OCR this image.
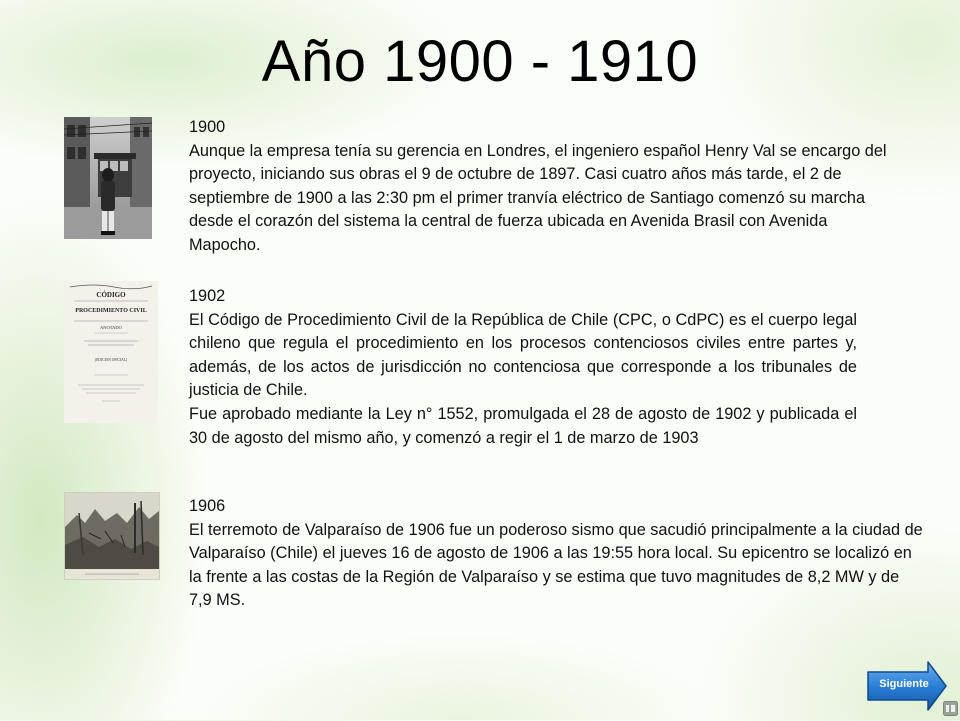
Año 1900 - 1910

1900

Aunque la empresa tenía su gerencia en Londres, el ingeniero español Henry Val se encargo del proyecto, iniciando sus obras el 9 de octubre de 1897. Casi cuatro años más tarde, el 2 de septiembre de 1900 a las 2:30 pm el primer tranvía eléctrico de Santiago comenzó su marcha desde el corazón del sistema la central de fuerza ubicada en Avenida Brasil con Avenida Mapocho.

CÓDIGO
PROCEDIMIENTO CIVIL
ANOTADO
(EDICION OFICIAL)

1902

El Código de Procedimiento Civil de la República de Chile (CPC, o CdPC) es el cuerpo legal chileno que regula el procedimiento en los procesos contenciosos civiles entre partes y, además, de los actos de jurisdicción no contenciosa que corresponde a los tribunales de justicia de Chile.

Fue aprobado mediante la Ley n° 1552, promulgada el 28 de agosto de 1902 y publicada el 30 de agosto del mismo año, y comenzó a regir el 1 de marzo de 1903

1906

El terremoto de Valparaíso de 1906 fue un poderoso sismo que sacudió principalmente a la ciudad de Valparaíso (Chile) el jueves 16 de agosto de 1906 a las 19:55 hora local. Su epicentro se localizó en la frente a las costas de la Región de Valparaíso y se estima que tuvo magnitudes de 8,2 MW y de 7,9 MS.

Siguiente
